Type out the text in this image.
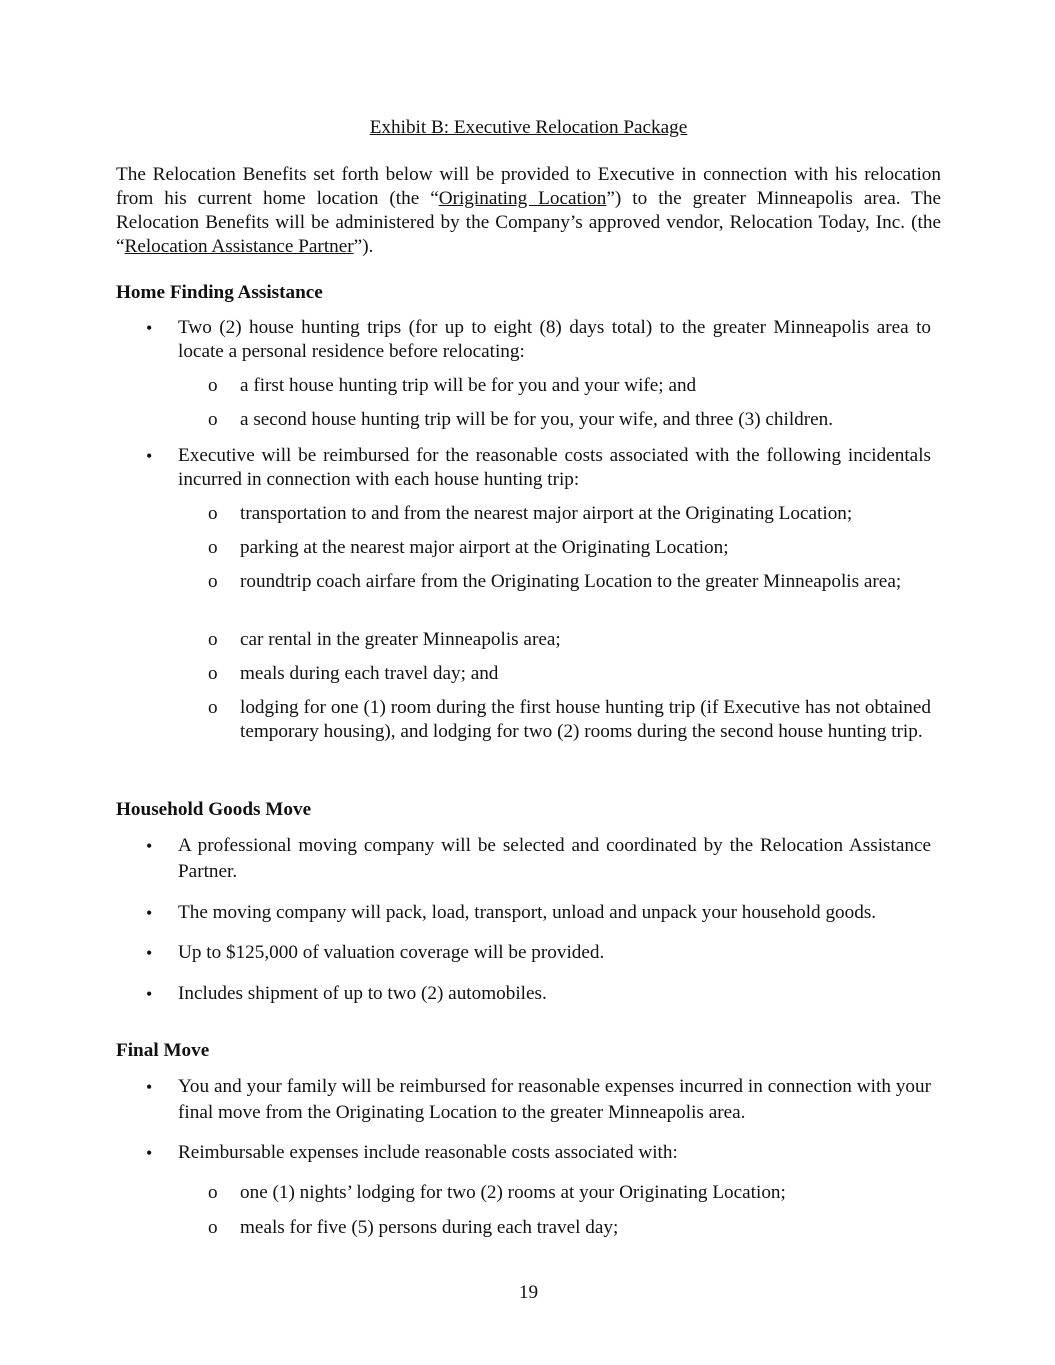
Exhibit B: Executive Relocation Package
The Relocation Benefits set forth below will be provided to Executive in connection with his relocation from his current home location (the “Originating Location”) to the greater Minneapolis area. The Relocation Benefits will be administered by the Company’s approved vendor, Relocation Today, Inc. (the “Relocation Assistance Partner”).
Home Finding Assistance
• Two (2) house hunting trips (for up to eight (8) days total) to the greater Minneapolis area to locate a personal residence before relocating:
o a first house hunting trip will be for you and your wife; and
o a second house hunting trip will be for you, your wife, and three (3) children.
• Executive will be reimbursed for the reasonable costs associated with the following incidentals incurred in connection with each house hunting trip:
o transportation to and from the nearest major airport at the Originating Location;
o parking at the nearest major airport at the Originating Location;
o roundtrip coach airfare from the Originating Location to the greater Minneapolis area;
o car rental in the greater Minneapolis area;
o meals during each travel day; and
o lodging for one (1) room during the first house hunting trip (if Executive has not obtained temporary housing), and lodging for two (2) rooms during the second house hunting trip.
Household Goods Move
• A professional moving company will be selected and coordinated by the Relocation Assistance Partner.
• The moving company will pack, load, transport, unload and unpack your household goods.
• Up to $125,000 of valuation coverage will be provided.
• Includes shipment of up to two (2) automobiles.
Final Move
• You and your family will be reimbursed for reasonable expenses incurred in connection with your final move from the Originating Location to the greater Minneapolis area.
• Reimbursable expenses include reasonable costs associated with:
o one (1) nights’ lodging for two (2) rooms at your Originating Location;
o meals for five (5) persons during each travel day;
19
